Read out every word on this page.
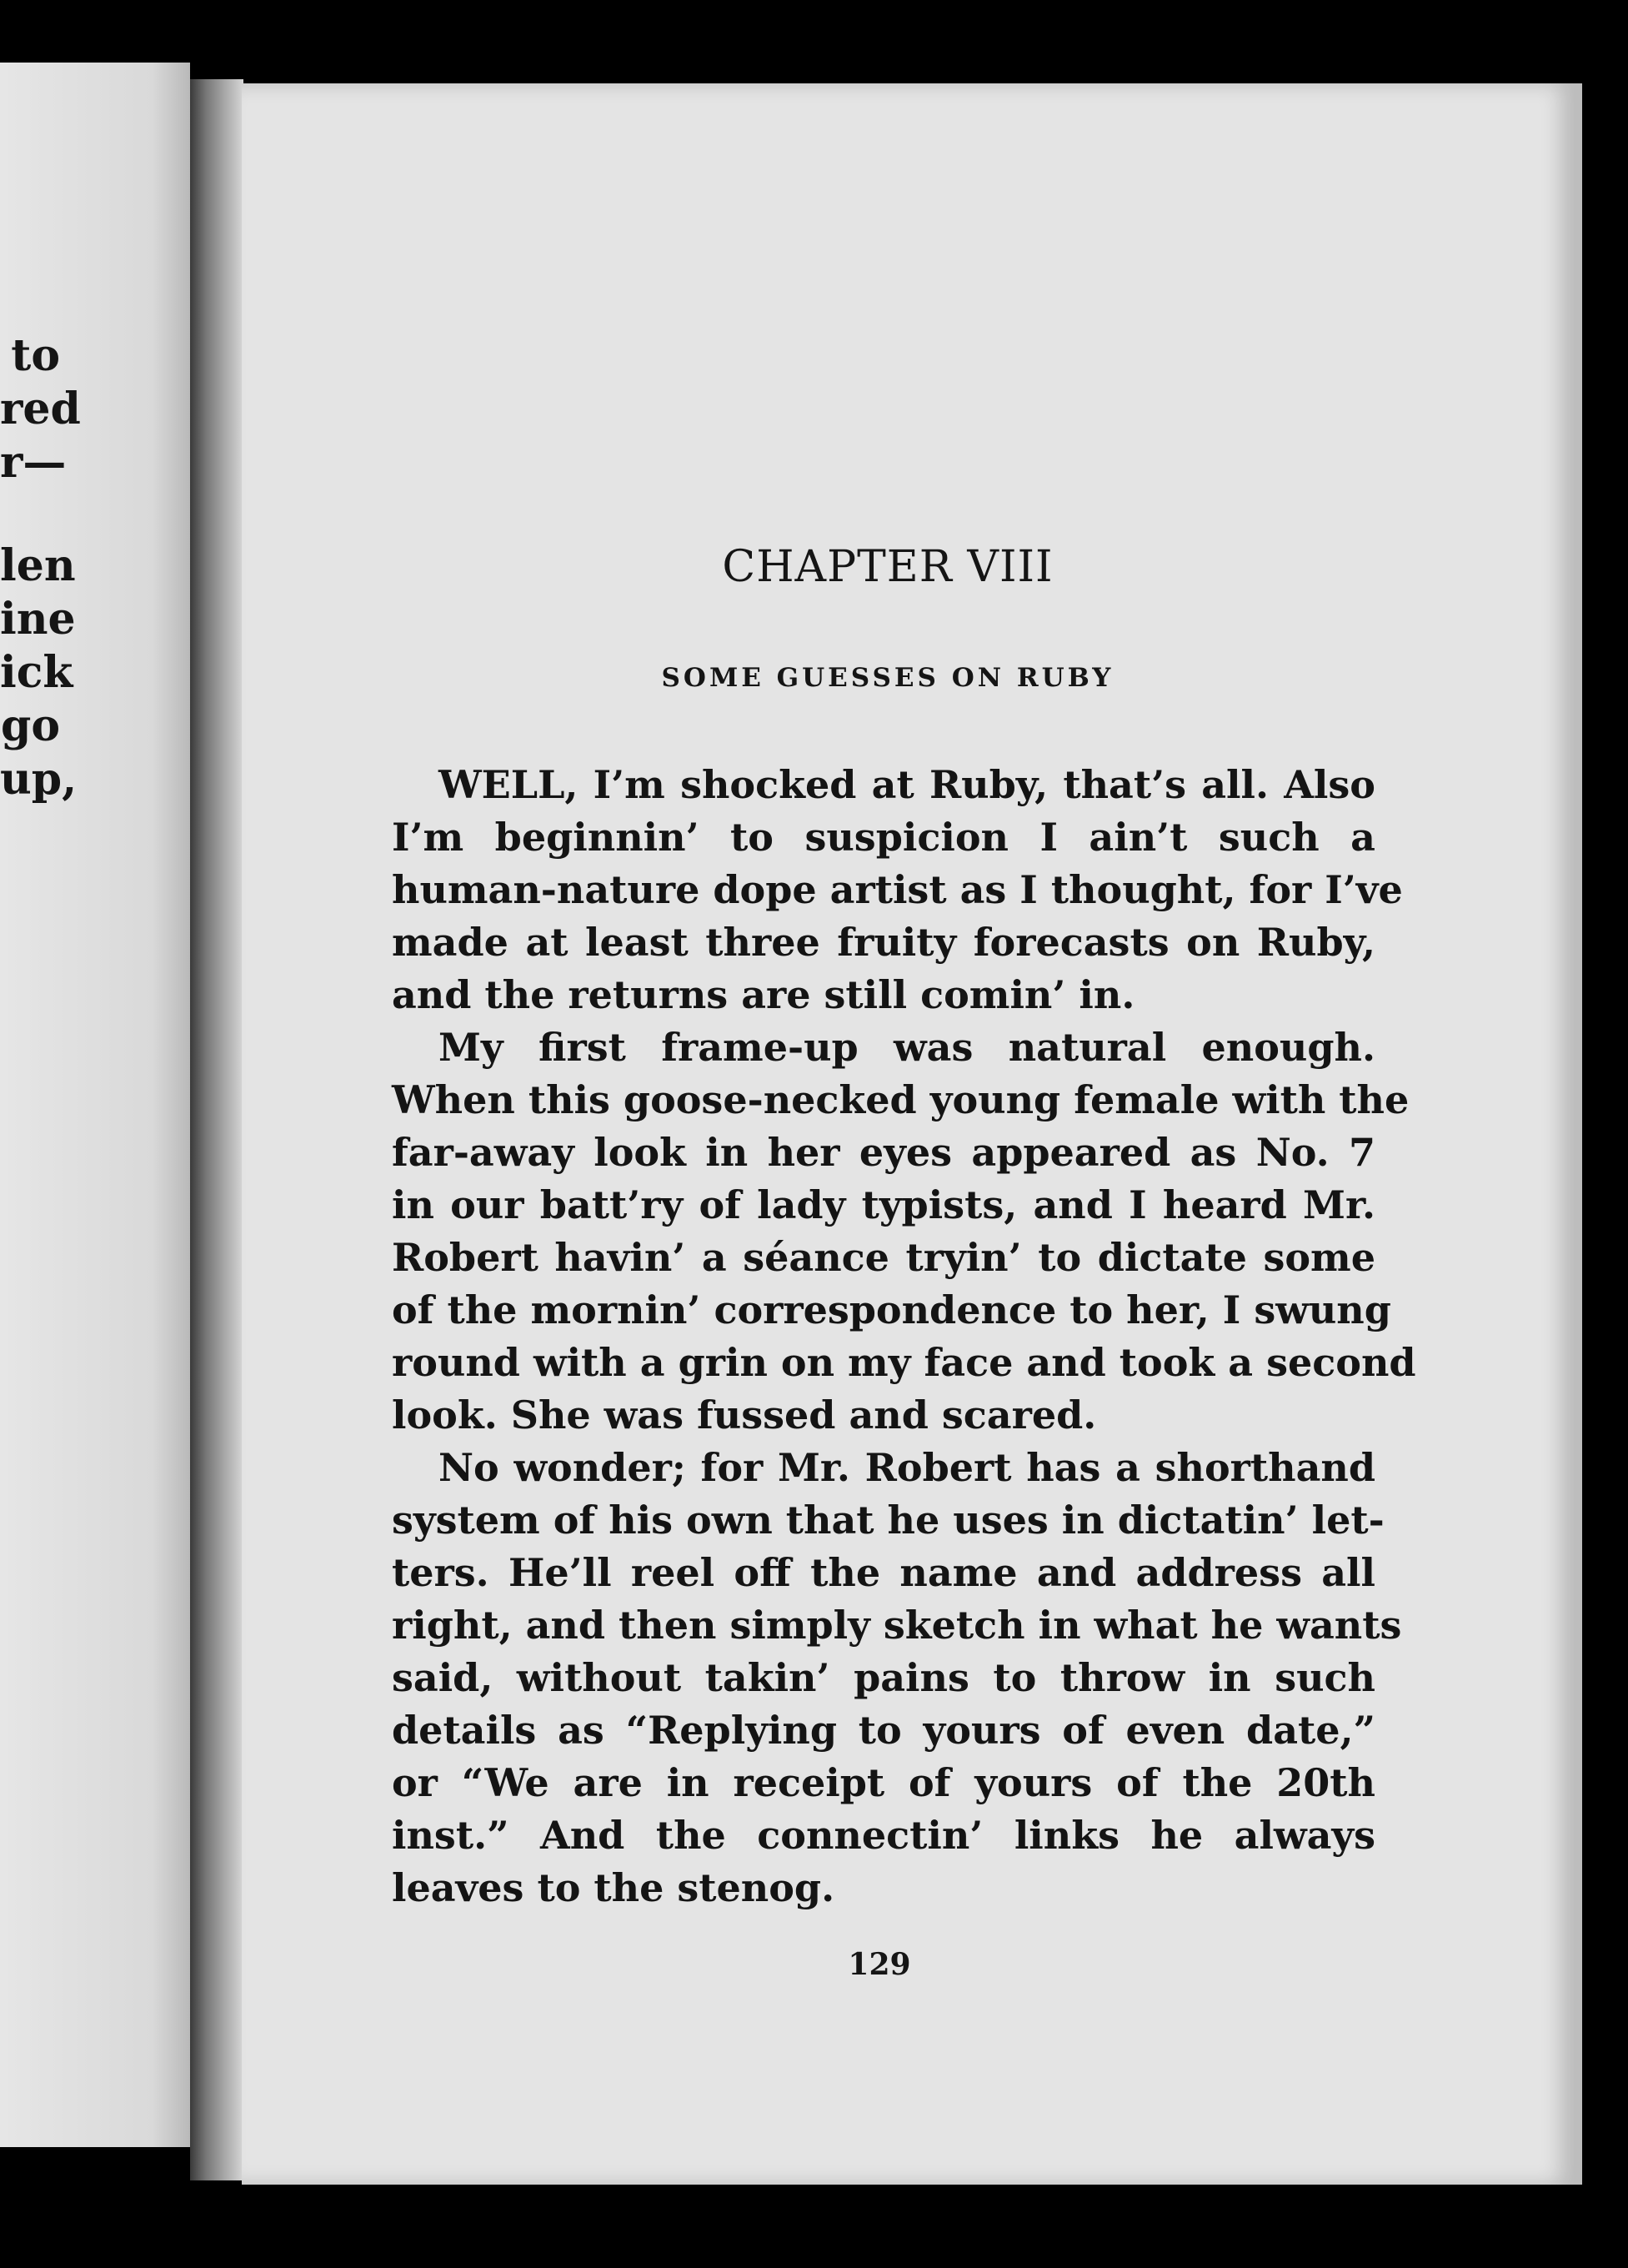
to
red
r—
len
ine
ick
go
up,
CHAPTER VIII
SOME GUESSES ON RUBY
WELL, I’m shocked at Ruby, that’s all. Also
I’m beginnin’ to suspicion I ain’t such a
human-nature dope artist as I thought, for I’ve
made at least three fruity forecasts on Ruby,
and the returns are still comin’ in.
My first frame-up was natural enough.
When this goose-necked young female with the
far-away look in her eyes appeared as No. 7
in our batt’ry of lady typists, and I heard Mr.
Robert havin’ a séance tryin’ to dictate some
of the mornin’ correspondence to her, I swung
round with a grin on my face and took a second
look. She was fussed and scared.
No wonder; for Mr. Robert has a shorthand
system of his own that he uses in dictatin’ let-
ters. He’ll reel off the name and address all
right, and then simply sketch in what he wants
said, without takin’ pains to throw in such
details as “Replying to yours of even date,”
or “We are in receipt of yours of the 20th
inst.” And the connectin’ links he always
leaves to the stenog.
129
